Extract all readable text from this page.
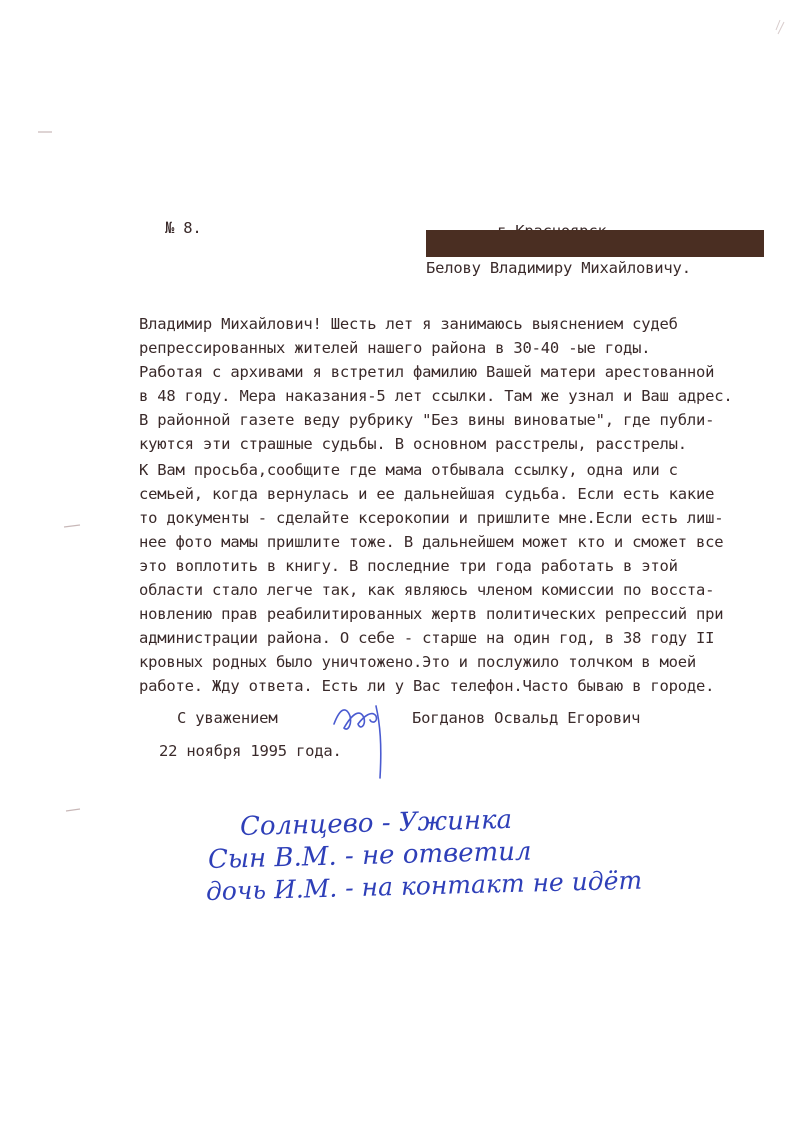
№ 8.
Белову Владимиру Михайловичу.
Владимир Михайлович! Шесть лет я занимаюсь выяснением судеб
репрессированных жителей нашего района в 30-40 -ые годы.
Работая с архивами я встретил фамилию Вашей матери арестованной
в 48 году. Мера наказания-5 лет ссылки. Там же узнал и Ваш адрес.
В районной газете веду рубрику "Без вины виноватые", где публи-
куются эти страшные судьбы. В основном расстрелы, расстрелы.
К Вам просьба,сообщите где мама отбывала ссылку, одна или с
семьей, когда вернулась и ее дальнейшая судьба. Если есть какие
то документы - сделайте ксерокопии и пришлите мне.Если есть лиш-
нее фото мамы пришлите тоже. В дальнейшем может кто и сможет все
это воплотить в книгу. В последние три года работать в этой
области стало легче так, как являюсь членом комиссии по восста-
новлению прав реабилитированных жертв политических репрессий при
администрации района. О себе - старше на один год, в 38 году II
кровных родных было уничтожено.Это и послужило толчком в моей
работе. Жду ответа. Есть ли у Вас телефон.Часто бываю в городе.
С уважением	Богданов Освальд Егорович
22 ноября 1995 года.
Солнцево - Ужинка
Сын В.М. - не ответил
дочь И.М. - на контакт не идёт
